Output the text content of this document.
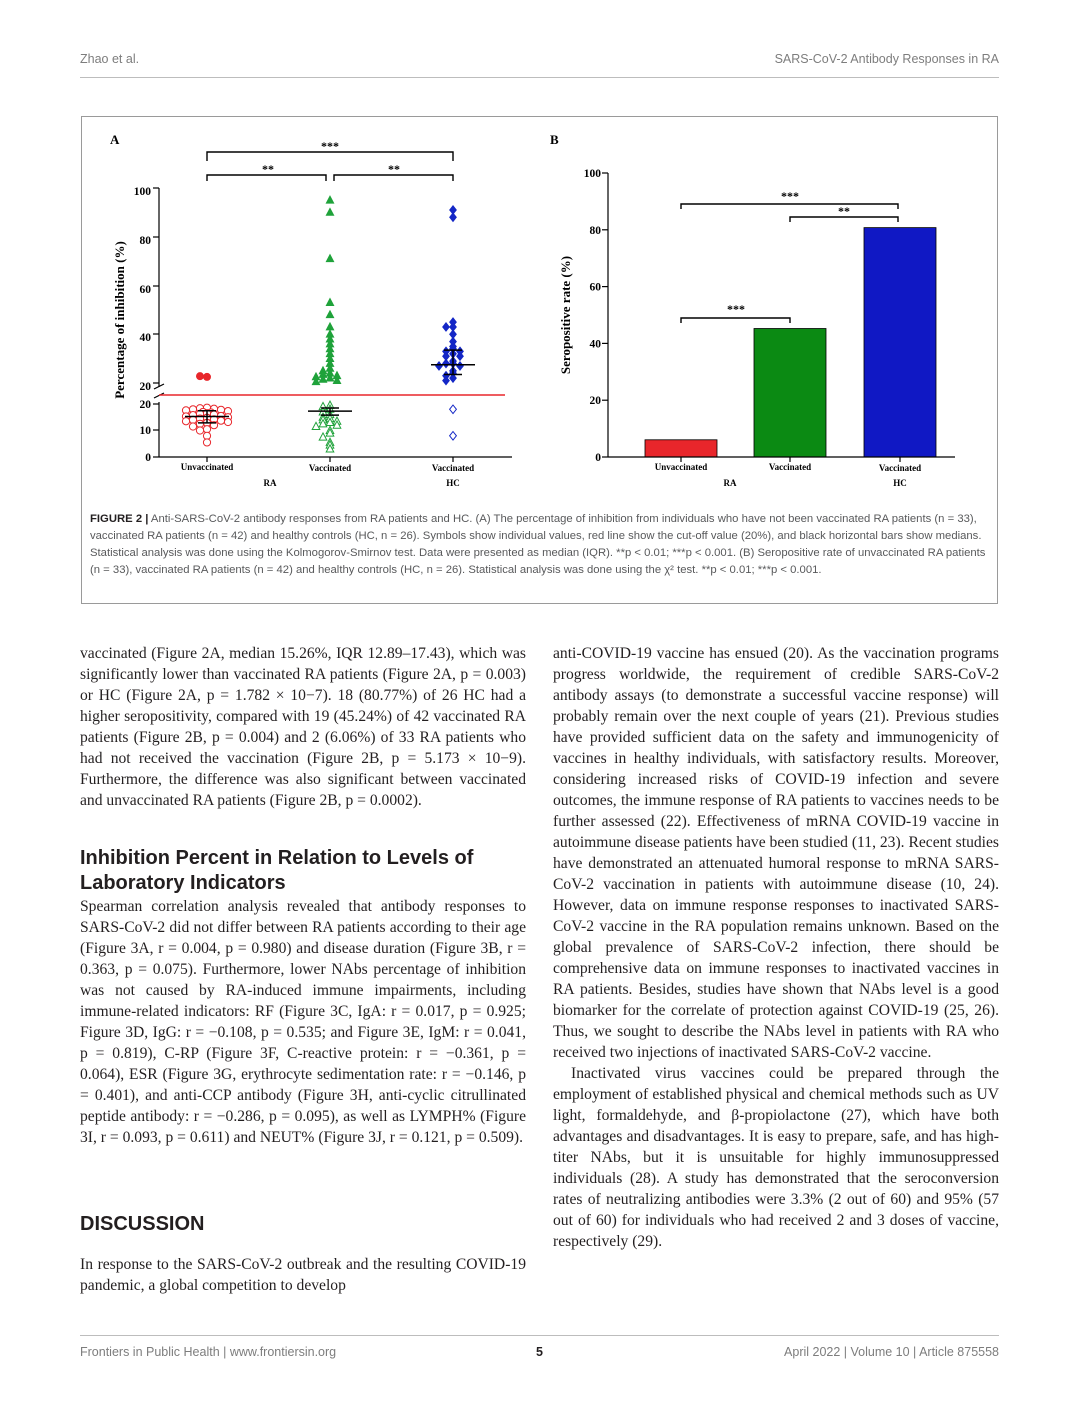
Zhao et al.	SARS-CoV-2 Antibody Responses in RA
A
Percentage of inhibition (%)
100
80
60
40
20
20
10
0
***
**	**
Unvaccinated	Vaccinated	Vaccinated
RA	HC
B
Seropositive rate (%)
100
80
60
40
20
0
***
**
***
Unvaccinated	Vaccinated	Vaccinated
RA	HC
FIGURE 2 | Anti-SARS-CoV-2 antibody responses from RA patients and HC. (A) The percentage of inhibition from individuals who have not been vaccinated RA patients (n = 33), vaccinated RA patients (n = 42) and healthy controls (HC, n = 26). Symbols show individual values, red line show the cut-off value (20%), and black horizontal bars show medians. Statistical analysis was done using the Kolmogorov-Smirnov test. Data were presented as median (IQR). **p < 0.01; ***p < 0.001. (B) Seropositive rate of unvaccinated RA patients (n = 33), vaccinated RA patients (n = 42) and healthy controls (HC, n = 26). Statistical analysis was done using the χ² test. **p < 0.01; ***p < 0.001.

vaccinated (Figure 2A, median 15.26%, IQR 12.89–17.43), which was significantly lower than vaccinated RA patients (Figure 2A, p = 0.003) or HC (Figure 2A, p = 1.782 × 10−7). 18 (80.77%) of 26 HC had a higher seropositivity, compared with 19 (45.24%) of 42 vaccinated RA patients (Figure 2B, p = 0.004) and 2 (6.06%) of 33 RA patients who had not received the vaccination (Figure 2B, p = 5.173 × 10−9). Furthermore, the difference was also significant between vaccinated and unvaccinated RA patients (Figure 2B, p = 0.0002).

Inhibition Percent in Relation to Levels of Laboratory Indicators

Spearman correlation analysis revealed that antibody responses to SARS-CoV-2 did not differ between RA patients according to their age (Figure 3A, r = 0.004, p = 0.980) and disease duration (Figure 3B, r = 0.363, p = 0.075). Furthermore, lower NAbs percentage of inhibition was not caused by RA-induced immune impairments, including immune-related indicators: RF (Figure 3C, IgA: r = 0.017, p = 0.925; Figure 3D, IgG: r = −0.108, p = 0.535; and Figure 3E, IgM: r = 0.041, p = 0.819), C-RP (Figure 3F, C-reactive protein: r = −0.361, p = 0.064), ESR (Figure 3G, erythrocyte sedimentation rate: r = −0.146, p = 0.401), and anti-CCP antibody (Figure 3H, anti-cyclic citrullinated peptide antibody: r = −0.286, p = 0.095), as well as LYMPH% (Figure 3I, r = 0.093, p = 0.611) and NEUT% (Figure 3J, r = 0.121, p = 0.509).

DISCUSSION

In response to the SARS-CoV-2 outbreak and the resulting COVID-19 pandemic, a global competition to develop

anti-COVID-19 vaccine has ensued (20). As the vaccination programs progress worldwide, the requirement of credible SARS-CoV-2 antibody assays (to demonstrate a successful vaccine response) will probably remain over the next couple of years (21). Previous studies have provided sufficient data on the safety and immunogenicity of vaccines in healthy individuals, with satisfactory results. Moreover, considering increased risks of COVID-19 infection and severe outcomes, the immune response of RA patients to vaccines needs to be further assessed (22). Effectiveness of mRNA COVID-19 vaccine in autoimmune disease patients have been studied (11, 23). Recent studies have demonstrated an attenuated humoral response to mRNA SARS-CoV-2 vaccination in patients with autoimmune disease (10, 24). However, data on immune response responses to inactivated SARS-CoV-2 vaccine in the RA population remains unknown. Based on the global prevalence of SARS-CoV-2 infection, there should be comprehensive data on immune responses to inactivated vaccines in RA patients. Besides, studies have shown that NAbs level is a good biomarker for the correlate of protection against COVID-19 (25, 26). Thus, we sought to describe the NAbs level in patients with RA who received two injections of inactivated SARS-CoV-2 vaccine.

Inactivated virus vaccines could be prepared through the employment of established physical and chemical methods such as UV light, formaldehyde, and β-propiolactone (27), which have both advantages and disadvantages. It is easy to prepare, safe, and has high-titer NAbs, but it is unsuitable for highly immunosuppressed individuals (28). A study has demonstrated that the seroconversion rates of neutralizing antibodies were 3.3% (2 out of 60) and 95% (57 out of 60) for individuals who had received 2 and 3 doses of vaccine, respectively (29).

Frontiers in Public Health | www.frontiersin.org	5	April 2022 | Volume 10 | Article 875558
